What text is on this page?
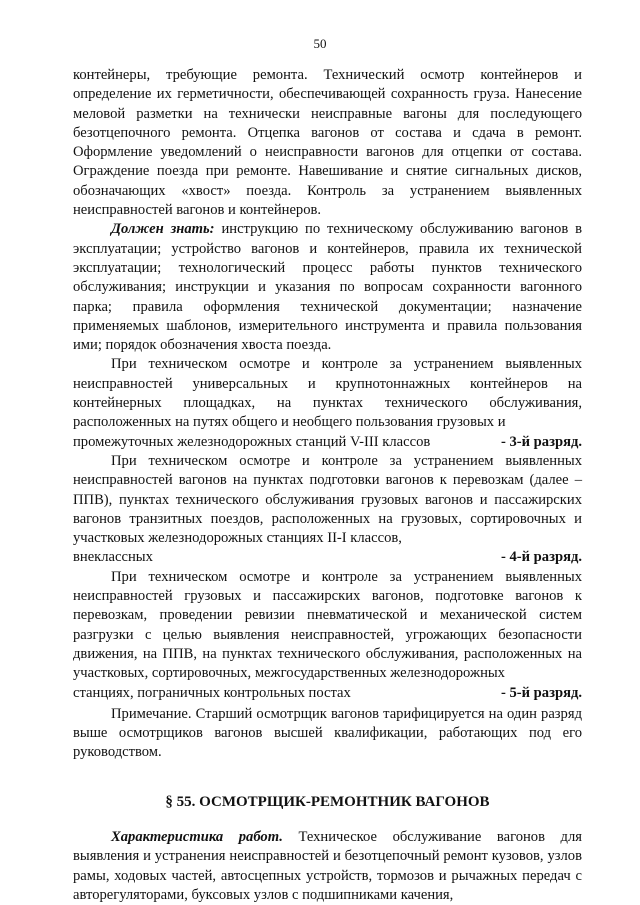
50

контейнеры, требующие ремонта. Технический осмотр контейнеров и определение их герметичности, обеспечивающей сохранность груза. Нанесение меловой разметки на технически неисправные вагоны для последующего безотцепочного ремонта. Отцепка вагонов от состава и сдача в ремонт. Оформление уведомлений о неисправности вагонов для отцепки от состава. Ограждение поезда при ремонте. Навешивание и снятие сигнальных дисков, обозначающих «хвост» поезда. Контроль за устранением выявленных неисправностей вагонов и контейнеров.

Должен знать: инструкцию по техническому обслуживанию вагонов в эксплуатации; устройство вагонов и контейнеров, правила их технической эксплуатации; технологический процесс работы пунктов технического обслуживания; инструкции и указания по вопросам сохранности вагонного парка; правила оформления технической документации; назначение применяемых шаблонов, измерительного инструмента и правила пользования ими; порядок обозначения хвоста поезда.

При техническом осмотре и контроле за устранением выявленных неисправностей универсальных и крупнотоннажных контейнеров на контейнерных площадках, на пунктах технического обслуживания, расположенных на путях общего и необщего пользования грузовых и

промежуточных железнодорожных станций V-III классов	- 3-й разряд.

При техническом осмотре и контроле за устранением выявленных неисправностей вагонов на пунктах подготовки вагонов к перевозкам (далее – ППВ), пунктах технического обслуживания грузовых вагонов и пассажирских вагонов транзитных поездов, расположенных на грузовых, сортировочных и участковых железнодорожных станциях II-I классов,

внеклассных	- 4-й разряд.

При техническом осмотре и контроле за устранением выявленных неисправностей грузовых и пассажирских вагонов, подготовке вагонов к перевозкам, проведении ревизии пневматической и механической систем разгрузки с целью выявления неисправностей, угрожающих безопасности движения, на ППВ, на пунктах технического обслуживания, расположенных на участковых, сортировочных, межгосударственных железнодорожных

станциях, пограничных контрольных постах	- 5-й разряд.

Примечание. Старший осмотрщик вагонов тарифицируется на один разряд выше осмотрщиков вагонов высшей квалификации, работающих под его руководством.

§ 55. ОСМОТРЩИК-РЕМОНТНИК ВАГОНОВ

Характеристика работ. Техническое обслуживание вагонов для выявления и устранения неисправностей и безотцепочный ремонт кузовов, узлов рамы, ходовых частей, автосцепных устройств, тормозов и рычажных передач с авторегуляторами, буксовых узлов с подшипниками качения,
